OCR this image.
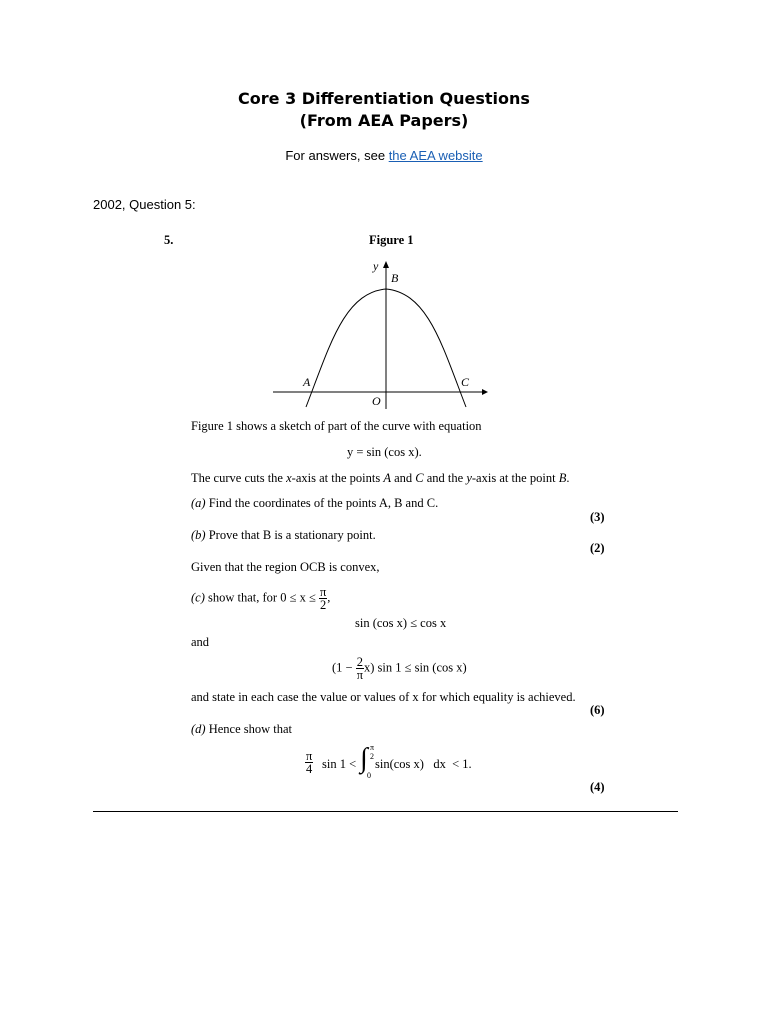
Core 3 Differentiation Questions
(From AEA Papers)
For answers, see the AEA website
2002, Question 5:
5.	Figure 1
y
B
A	C
O
Figure 1 shows a sketch of part of the curve with equation
y = sin (cos x).
The curve cuts the x-axis at the points A and C and the y-axis at the point B.
(a) Find the coordinates of the points A, B and C.
(3)
(b) Prove that B is a stationary point.
(2)
Given that the region OCB is convex,
(c) show that, for $0 \le x \le \frac{\pi}{2}$ ,
sin (cos x) ≤ cos x
and
$(1 - \frac{2}{\pi} x)$ sin 1 ≤ sin (cos x)
and state in each case the value or values of x for which equality is achieved.
(6)
(d) Hence show that
$\frac{\pi}{4}$ sin 1 < ∫ π
2
0
sin(cos x)   dx  < 1.
(4)
